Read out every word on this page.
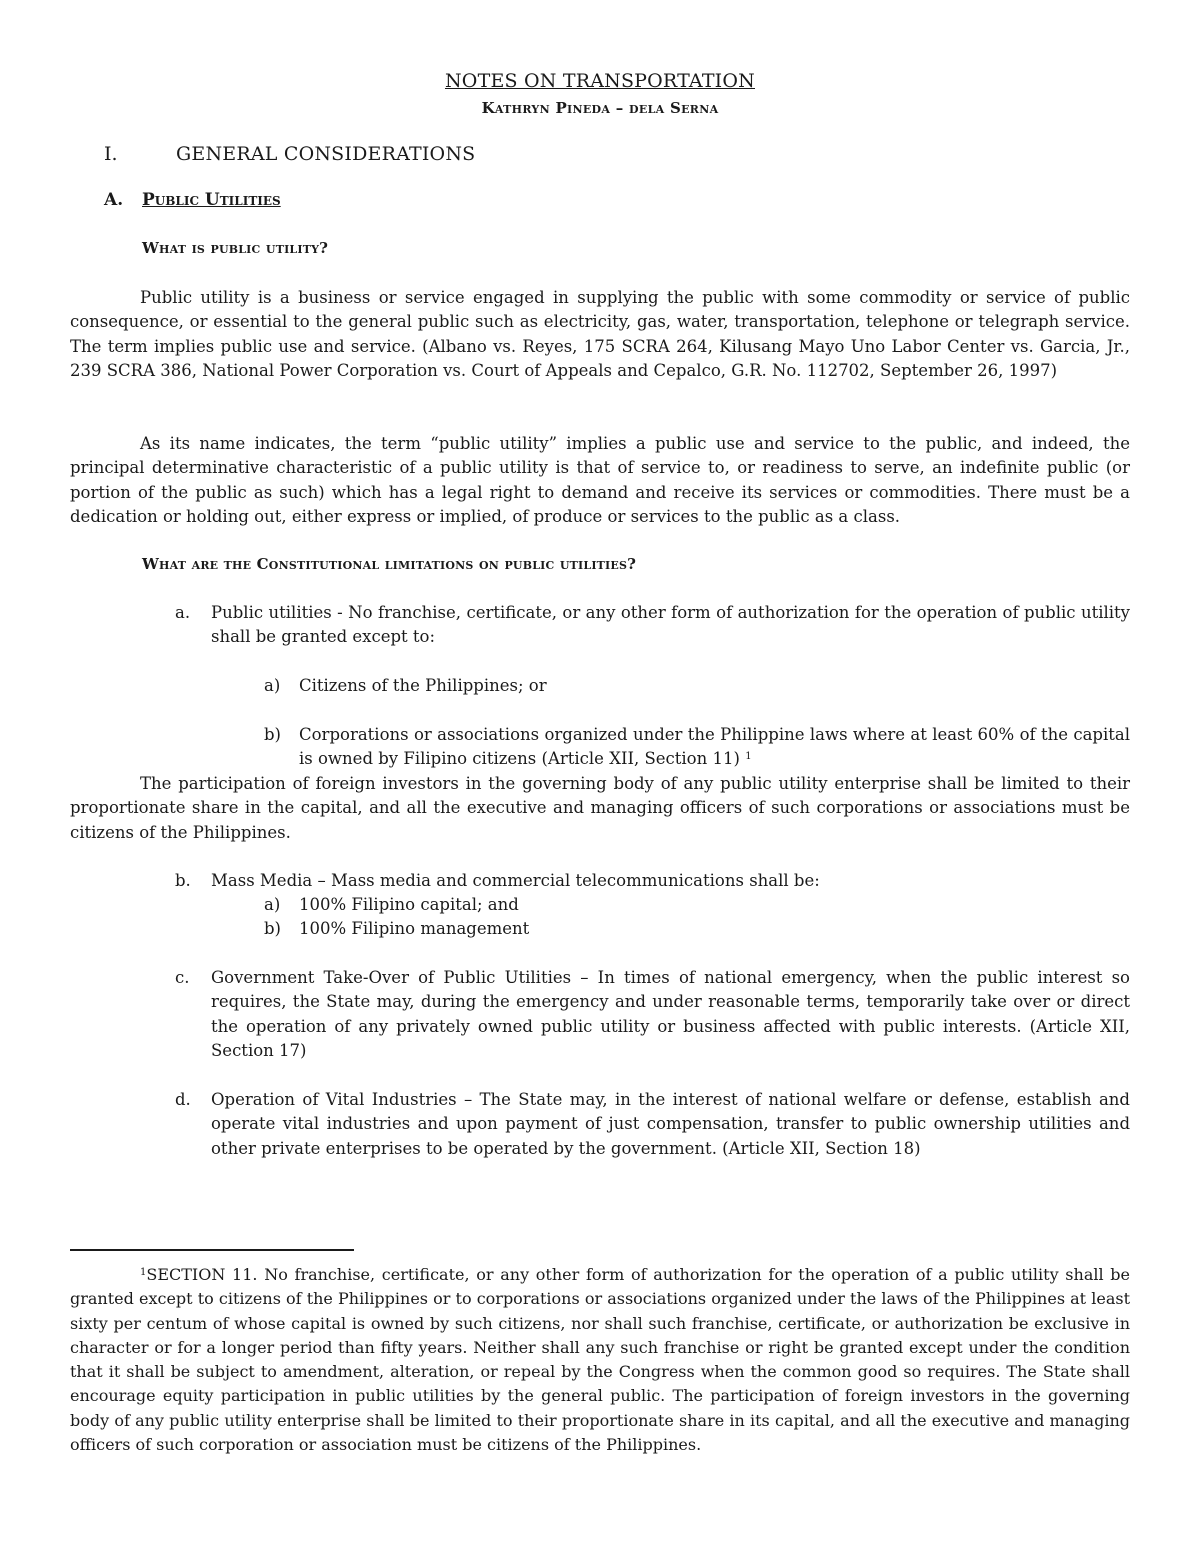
NOTES ON TRANSPORTATION
Kathryn Pineda – dela Serna
I.	GENERAL CONSIDERATIONS
A. Public Utilities
What is public utility?

Public utility is a business or service engaged in supplying the public with some commodity or service of public consequence, or essential to the general public such as electricity, gas, water, transportation, telephone or telegraph service. The term implies public use and service. (Albano vs. Reyes, 175 SCRA 264, Kilusang Mayo Uno Labor Center vs. Garcia, Jr., 239 SCRA 386, National Power Corporation vs. Court of Appeals and Cepalco, G.R. No. 112702, September 26, 1997)

As its name indicates, the term “public utility” implies a public use and service to the public, and indeed, the principal determinative characteristic of a public utility is that of service to, or readiness to serve, an indefinite public (or portion of the public as such) which has a legal right to demand and receive its services or commodities. There must be a dedication or holding out, either express or implied, of produce or services to the public as a class.

What are the Constitutional limitations on public utilities?
a. Public utilities - No franchise, certificate, or any other form of authorization for the operation of public utility shall be granted except to:

a) Citizens of the Philippines; or

b) Corporations or associations organized under the Philippine laws where at least 60% of the capital is owned by Filipino citizens (Article XII, Section 11) $^1$

The participation of foreign investors in the governing body of any public utility enterprise shall be limited to their proportionate share in the capital, and all the executive and managing officers of such corporations or associations must be citizens of the Philippines.

b. Mass Media – Mass media and commercial telecommunications shall be:

a) 100% Filipino capital; and

b) 100% Filipino management

c. Government Take-Over of Public Utilities – In times of national emergency, when the public interest so requires, the State may, during the emergency and under reasonable terms, temporarily take over or direct the operation of any privately owned public utility or business affected with public interests. (Article XII, Section 17)

d. Operation of Vital Industries – The State may, in the interest of national welfare or defense, establish and operate vital industries and upon payment of just compensation, transfer to public ownership utilities and other private enterprises to be operated by the government. (Article XII, Section 18)

$^1$SECTION 11. No franchise, certificate, or any other form of authorization for the operation of a public utility shall be granted except to citizens of the Philippines or to corporations or associations organized under the laws of the Philippines at least sixty per centum of whose capital is owned by such citizens, nor shall such franchise, certificate, or authorization be exclusive in character or for a longer period than fifty years. Neither shall any such franchise or right be granted except under the condition that it shall be subject to amendment, alteration, or repeal by the Congress when the common good so requires. The State shall encourage equity participation in public utilities by the general public. The participation of foreign investors in the governing body of any public utility enterprise shall be limited to their proportionate share in its capital, and all the executive and managing officers of such corporation or association must be citizens of the Philippines.
